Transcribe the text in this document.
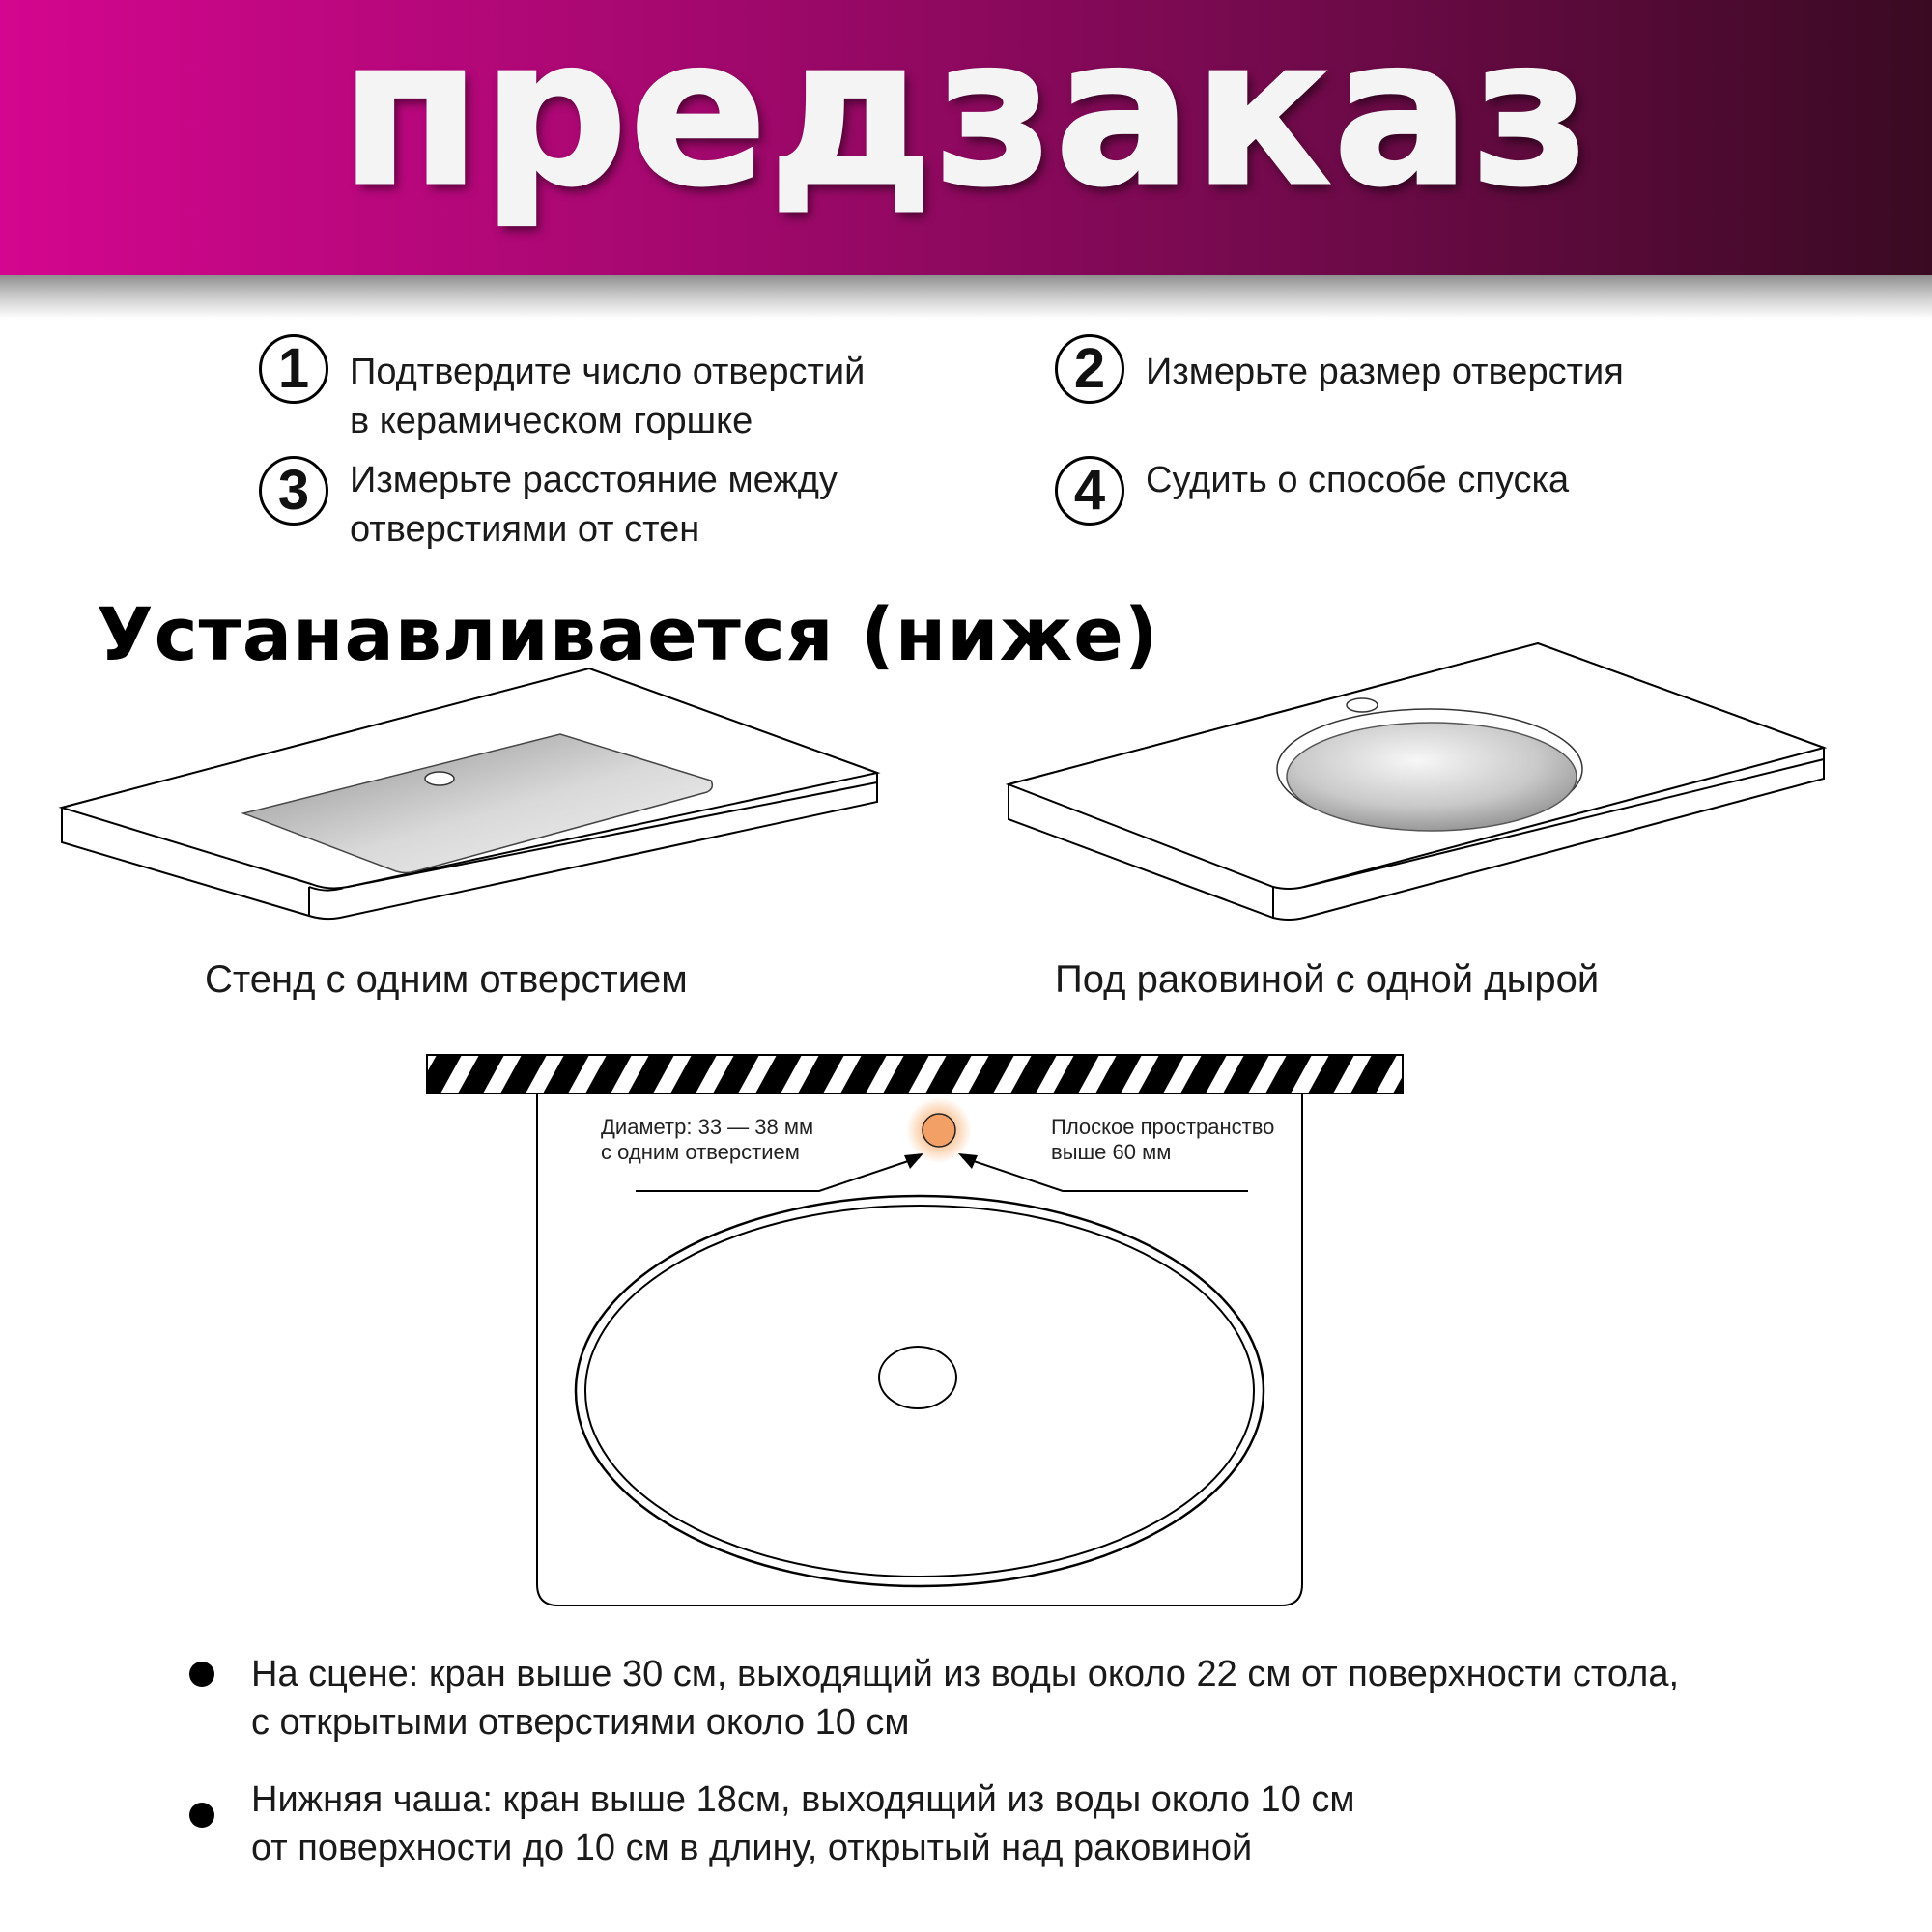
предзаказ
1	Подтвердите число отверстий
в керамическом горшке
2	Измерьте размер отверстия
3	Измерьте расстояние между
отверстиями от стен
4	Судить о способе спуска
Устанавливается (ниже)
Стенд с одним отверстием	Под раковиной с одной дырой
Диаметр: 33 — 38 мм
с одним отверстием
Плоское пространство
выше 60 мм
На сцене: кран выше 30 см, выходящий из воды около 22 см от поверхности стола,
с открытыми отверстиями около 10 см
Нижняя чаша: кран выше 18см, выходящий из воды около 10 см
от поверхности до 10 см в длину, открытый над раковиной
